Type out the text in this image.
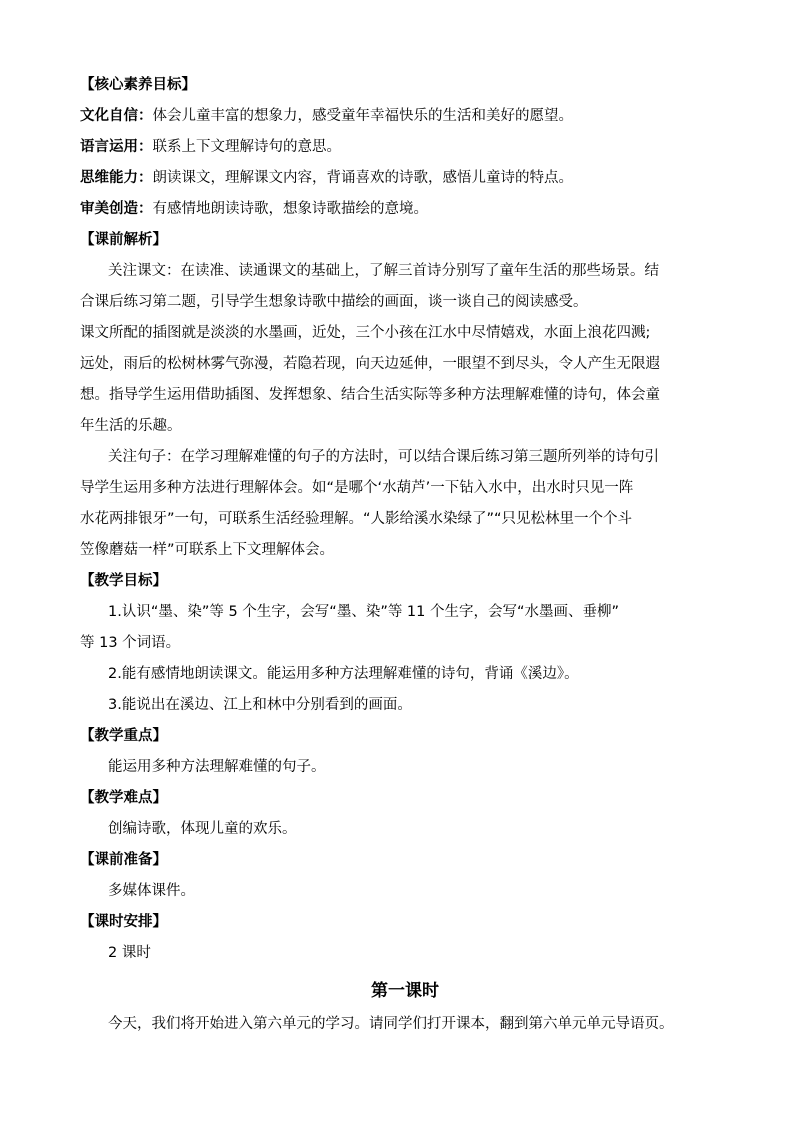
【核心素养目标】
文化自信：体会儿童丰富的想象力，感受童年幸福快乐的生活和美好的愿望。
语言运用：联系上下文理解诗句的意思。
思维能力：朗读课文，理解课文内容，背诵喜欢的诗歌，感悟儿童诗的特点。
审美创造：有感情地朗读诗歌，想象诗歌描绘的意境。
【课前解析】
关注课文：在读准、读通课文的基础上，了解三首诗分别写了童年生活的那些场景。结
合课后练习第二题，引导学生想象诗歌中描绘的画面，谈一谈自己的阅读感受。
课文所配的插图就是淡淡的水墨画，近处，三个小孩在江水中尽情嬉戏，水面上浪花四溅;
远处，雨后的松树林雾气弥漫，若隐若现，向天边延伸，一眼望不到尽头，令人产生无限遐
想。指导学生运用借助插图、发挥想象、结合生活实际等多种方法理解难懂的诗句，体会童
年生活的乐趣。
关注句子：在学习理解难懂的句子的方法时，可以结合课后练习第三题所列举的诗句引
导学生运用多种方法进行理解体会。如“是哪个‘水葫芦’一下钻入水中，出水时只见一阵
水花两排银牙”一句，可联系生活经验理解。“人影给溪水染绿了”“只见松林里一个个斗
笠像蘑菇一样”可联系上下文理解体会。
【教学目标】
1.认识“墨、染”等 5 个生字，会写“墨、染”等 11 个生字，会写“水墨画、垂柳”
等 13 个词语。
2.能有感情地朗读课文。能运用多种方法理解难懂的诗句，背诵《溪边》。
3.能说出在溪边、江上和林中分别看到的画面。
【教学重点】
能运用多种方法理解难懂的句子。
【教学难点】
创编诗歌，体现儿童的欢乐。
【课前准备】
多媒体课件。
【课时安排】
2 课时
第一课时
今天，我们将开始进入第六单元的学习。请同学们打开课本，翻到第六单元单元导语页。
